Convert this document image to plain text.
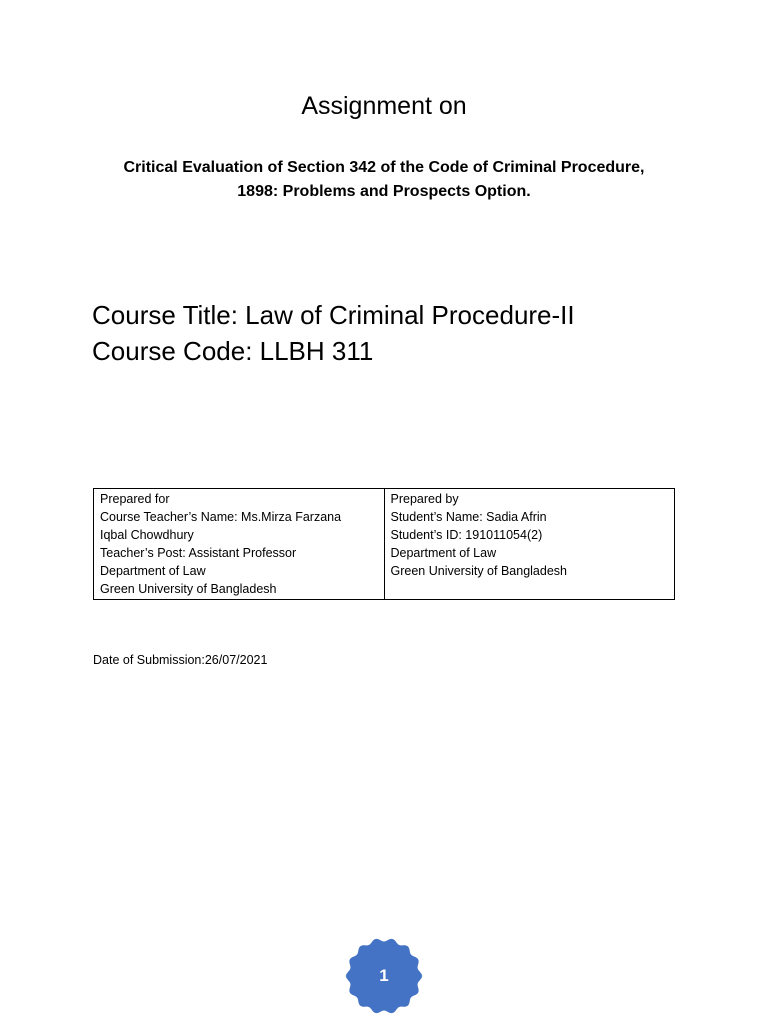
Assignment on
Critical Evaluation of Section 342 of the Code of Criminal Procedure,
1898: Problems and Prospects Option.
Course Title: Law of Criminal Procedure-II
Course Code: LLBH 311
Prepared for
Course Teacher’s Name: Ms.Mirza Farzana
Iqbal Chowdhury
Teacher’s Post: Assistant Professor
Department of Law
Green University of Bangladesh

Prepared by
Student’s Name: Sadia Afrin
Student’s ID: 191011054(2)
Department of Law
Green University of Bangladesh
Date of Submission:26/07/2021
1
